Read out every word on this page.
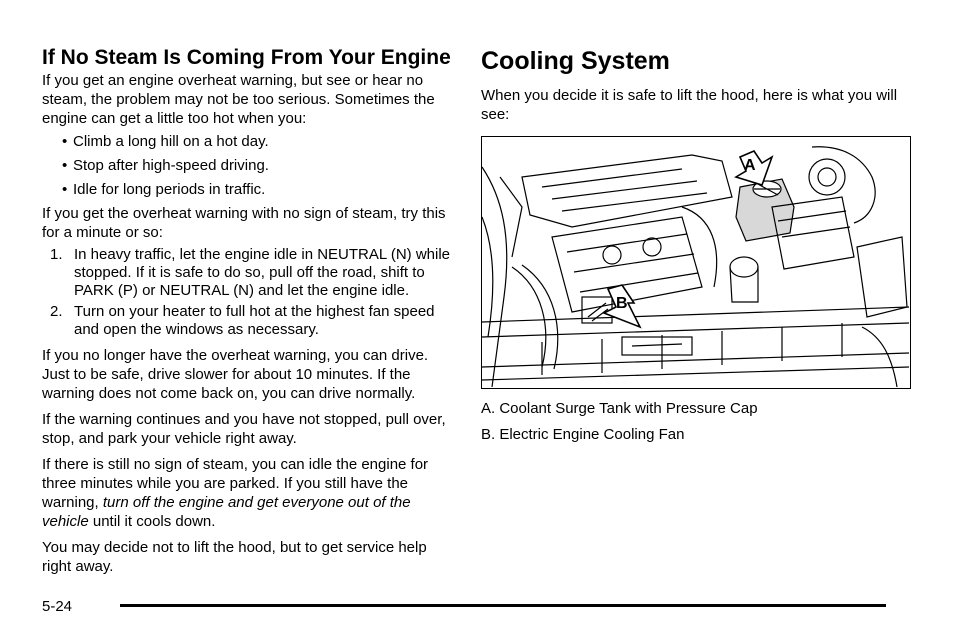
If No Steam Is Coming From Your Engine

If you get an engine overheat warning, but see or hear no steam, the problem may not be too serious. Sometimes the engine can get a little too hot when you:

• Climb a long hill on a hot day.
• Stop after high-speed driving.
• Idle for long periods in traffic.

If you get the overheat warning with no sign of steam, try this for a minute or so:

1. In heavy traffic, let the engine idle in NEUTRAL (N) while stopped. If it is safe to do so, pull off the road, shift to PARK (P) or NEUTRAL (N) and let the engine idle.
2. Turn on your heater to full hot at the highest fan speed and open the windows as necessary.

If you no longer have the overheat warning, you can drive. Just to be safe, drive slower for about 10 minutes. If the warning does not come back on, you can drive normally.

If the warning continues and you have not stopped, pull over, stop, and park your vehicle right away.

If there is still no sign of steam, you can idle the engine for three minutes while you are parked. If you still have the warning, turn off the engine and get everyone out of the vehicle until it cools down.

You may decide not to lift the hood, but to get service help right away.

Cooling System

When you decide it is safe to lift the hood, here is what you will see:

A
B
A. Coolant Surge Tank with Pressure Cap
B. Electric Engine Cooling Fan
5-24
